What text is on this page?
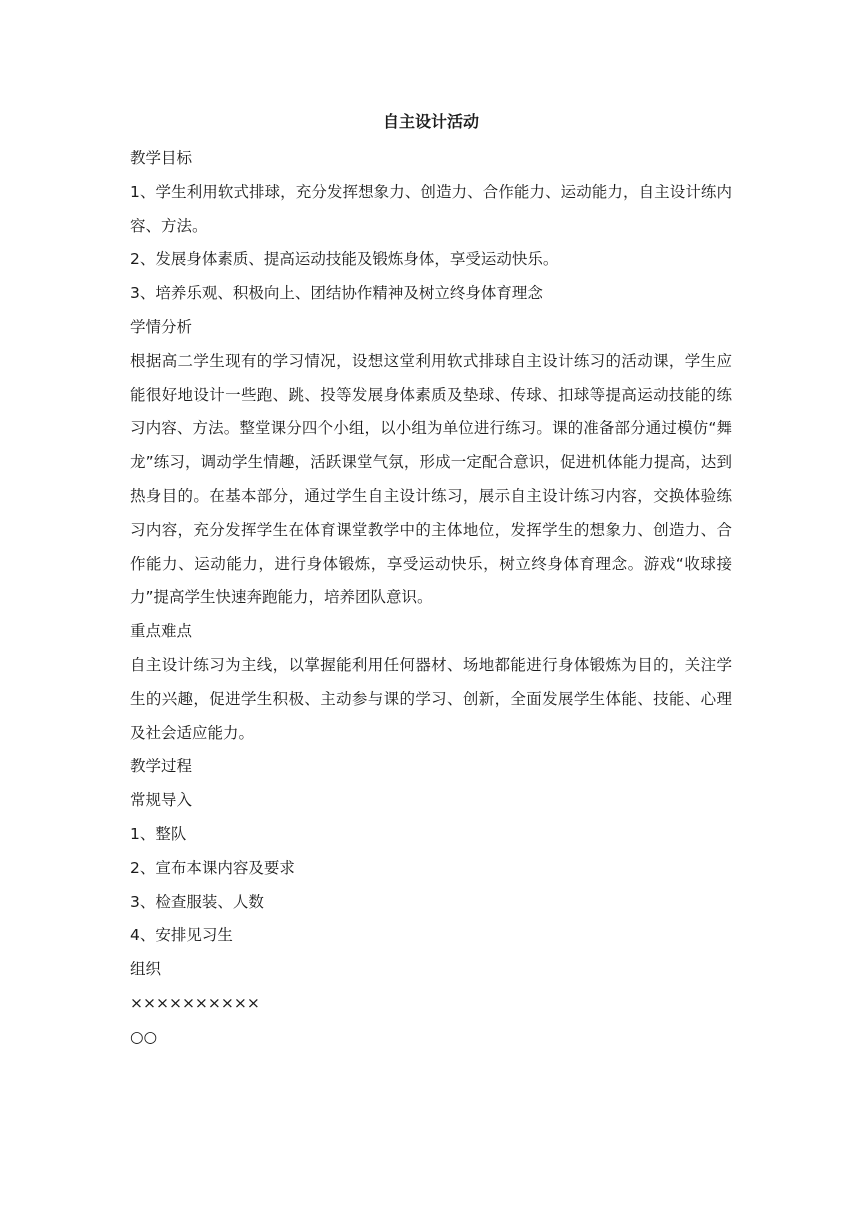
自主设计活动

教学目标

1、学生利用软式排球，充分发挥想象力、创造力、合作能力、运动能力，自主设计练内容、方法。

2、发展身体素质、提高运动技能及锻炼身体，享受运动快乐。

3、培养乐观、积极向上、团结协作精神及树立终身体育理念

学情分析

根据高二学生现有的学习情况，设想这堂利用软式排球自主设计练习的活动课，学生应能很好地设计一些跑、跳、投等发展身体素质及垫球、传球、扣球等提高运动技能的练习内容、方法。整堂课分四个小组，以小组为单位进行练习。课的准备部分通过模仿“舞龙”练习，调动学生情趣，活跃课堂气氛，形成一定配合意识，促进机体能力提高，达到热身目的。在基本部分，通过学生自主设计练习，展示自主设计练习内容，交换体验练习内容，充分发挥学生在体育课堂教学中的主体地位，发挥学生的想象力、创造力、合作能力、运动能力，进行身体锻炼，享受运动快乐，树立终身体育理念。游戏“收球接力”提高学生快速奔跑能力，培养团队意识。

重点难点

自主设计练习为主线，以掌握能利用任何器材、场地都能进行身体锻炼为目的，关注学生的兴趣，促进学生积极、主动参与课的学习、创新，全面发展学生体能、技能、心理及社会适应能力。

教学过程

常规导入

1、整队

2、宣布本课内容及要求

3、检查服装、人数

4、安排见习生

组织

××××××××××

○○
